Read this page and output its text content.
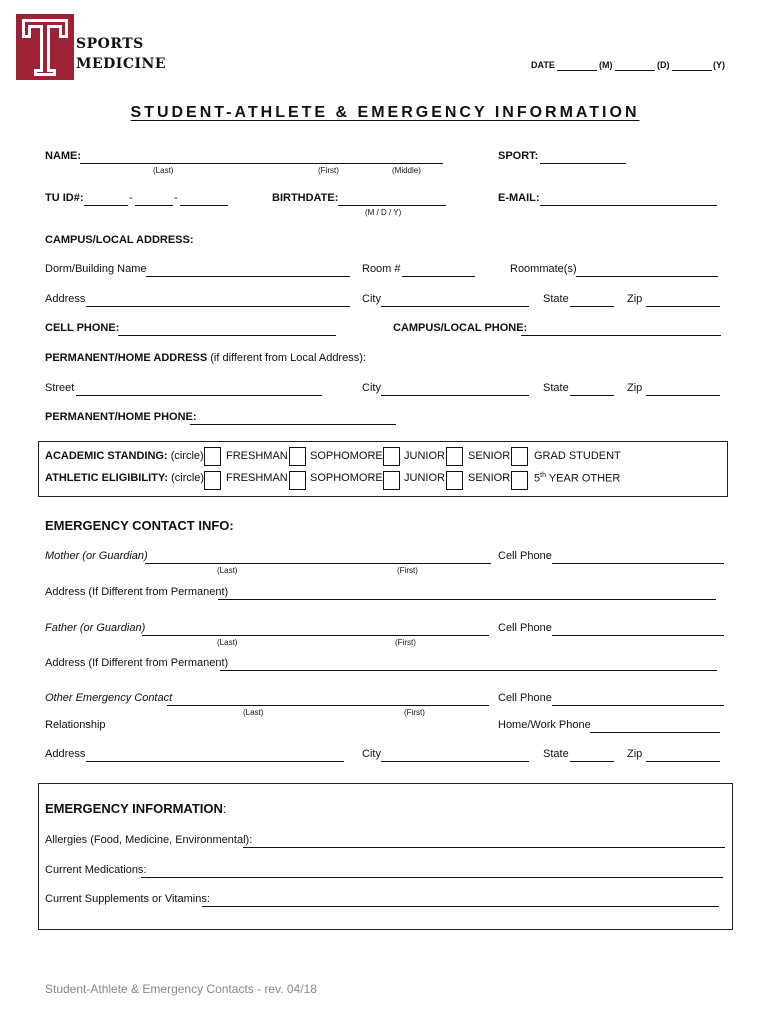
SPORTS
MEDICINE	DATE	(M)	(D)	(Y)
STUDENT-ATHLETE & EMERGENCY INFORMATION
NAME:
(Last)	(First)	(Middle)
SPORT:
TU ID#:	-	-	BIRTHDATE:
(M / D / Y)
E-MAIL:
CAMPUS/LOCAL ADDRESS:
Dorm/Building Name	Room #	Roommate(s)
Address	City	State	Zip
CELL PHONE:	CAMPUS/LOCAL PHONE:
PERMANENT/HOME ADDRESS (if different from Local Address):
Street	City	State	Zip
PERMANENT/HOME PHONE:
ACADEMIC STANDING: (circle) FRESHMAN SOPHOMORE JUNIOR SENIOR GRAD STUDENT
ATHLETIC ELIGIBILITY: (circle) FRESHMAN SOPHOMORE JUNIOR SENIOR 5th YEAR OTHER
EMERGENCY CONTACT INFO:
Mother (or Guardian)
(Last)	(First)
Cell Phone
Address (If Different from Permanent)
Father (or Guardian)
(Last)	(First)
Cell Phone
Address (If Different from Permanent)
Other Emergency Contact
(Last)	(First)
Cell Phone
Relationship	Home/Work Phone
Address	City	State	Zip
EMERGENCY INFORMATION:
Allergies (Food, Medicine, Environmental):
Current Medications:
Current Supplements or Vitamins:
Student-Athlete & Emergency Contacts - rev. 04/18
